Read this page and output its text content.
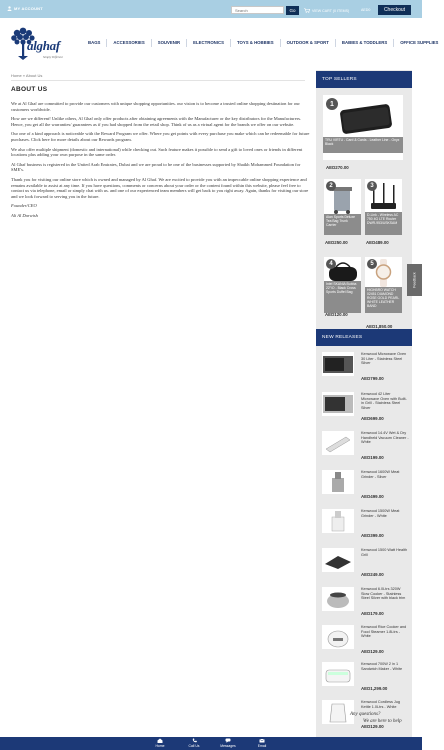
MY ACCOUNT
Search	Go	VIEW CART (0 ITEMS)	AED0	Checkout
alghaf
Simply Different
BAGS	ACCESSORIES	SOUVENIR	ELECTRONICS	TOYS & HOBBIES	OUTDOOR & SPORT	BABIES & TODDLERS	OFFICE SUPPLIES
Home » About Us
ABOUT US

We at Al Ghaf are committed to provide our customers with unique shopping opportunities. our vision is to become a trusted online shopping destination for our customers worldwide.

How are we different! Unlike others, Al Ghaf only offer products after obtaining agreements with the Manufacturer or the key distributors for the Manufacturers. Hence, you get all the warranties/ guarantees as if you had shopped from the retail shop. Think of us as a virtual agent for the brands we offer on our website.

Our one of a kind approach is noticeable with the Reward Program we offer. Where you get points with every purchase you make which can be redeemable for future purchases. Click here for more details about our Rewards program.

We also offer multiple shipment (domestic and international) while checking out. Such feature makes it possible to send a gift to loved ones or friends in different locations plus adding your own purpose in the same order.

Al Ghaf business is registered in the United Arab Emirates, Dubai and we are proud to be one of the businesses supported by Shaikh Mohammed Foundation for SME's.

Thank you for visiting our online store which is owned and managed by Al Ghaf. We are excited to provide you with an impeccable online shopping experience and remains available to assist at any time. If you have questions, comments or concerns about your order or the content found within this website, please feel free to contact us via telephone, email or simply chat with us. and one of our experienced team members will get back to you right away. Again, thanks for visiting our store and we look forward to serving you in the future.

Founder/CEO

Ali Al Darwish

TOP SELLERS
1
TRU VIRTU - Card & Cards - Leather Line - Onyx Black
AED270.00
2
Alan Sports Deluxe Tea Bag Trunk Carrier
AED250.00
3
D-Link - Wireless AC 750 4G LTE Router DWR-953/USKSAM
AED489.00
4
Intel SKANIA Bubba 22"/O - Black Cross Sports Duffel Bag
AED120.00
5
HIGHBRO WATCH 02451 DIAMOND ROSE GOLD PEARL WHITE LEATHER BAND
AED1,850.00
Feedback
NEW RELEASES
Kenwood Microwave Oven 30 Liter - Stainless Steel Silver
AED799.00
Kenwood 42 Liter Microwave Oven with Built-in Grill - Stainless Steel Silver
AED699.00
Kenwood 14.4V Wet & Dry Handheld Vacuum Cleaner - White
AED199.00
Kenwood 1600W Meat Grinder - Silver
AED499.00
Kenwood 1500W Meat Grinder - White
AED399.00
Kenwood 1500 Watt Health Grill
AED249.00
Kenwood 6.0Ltrs 320W Slow Cooker - Stainless Steel Silver with black trim
AED179.00
Kenwood Rice Cooker and Food Steamer 1.8Ltrs - White
AED129.00
Kenwood 700W 2 in 1 Sandwich Maker - White
AED1,299.00
Kenwood Cordless Jug Kettle 1.0Ltrs - White
AED129.00
Any questions?
We are here to help
Home	Call Us	Messages	Email
